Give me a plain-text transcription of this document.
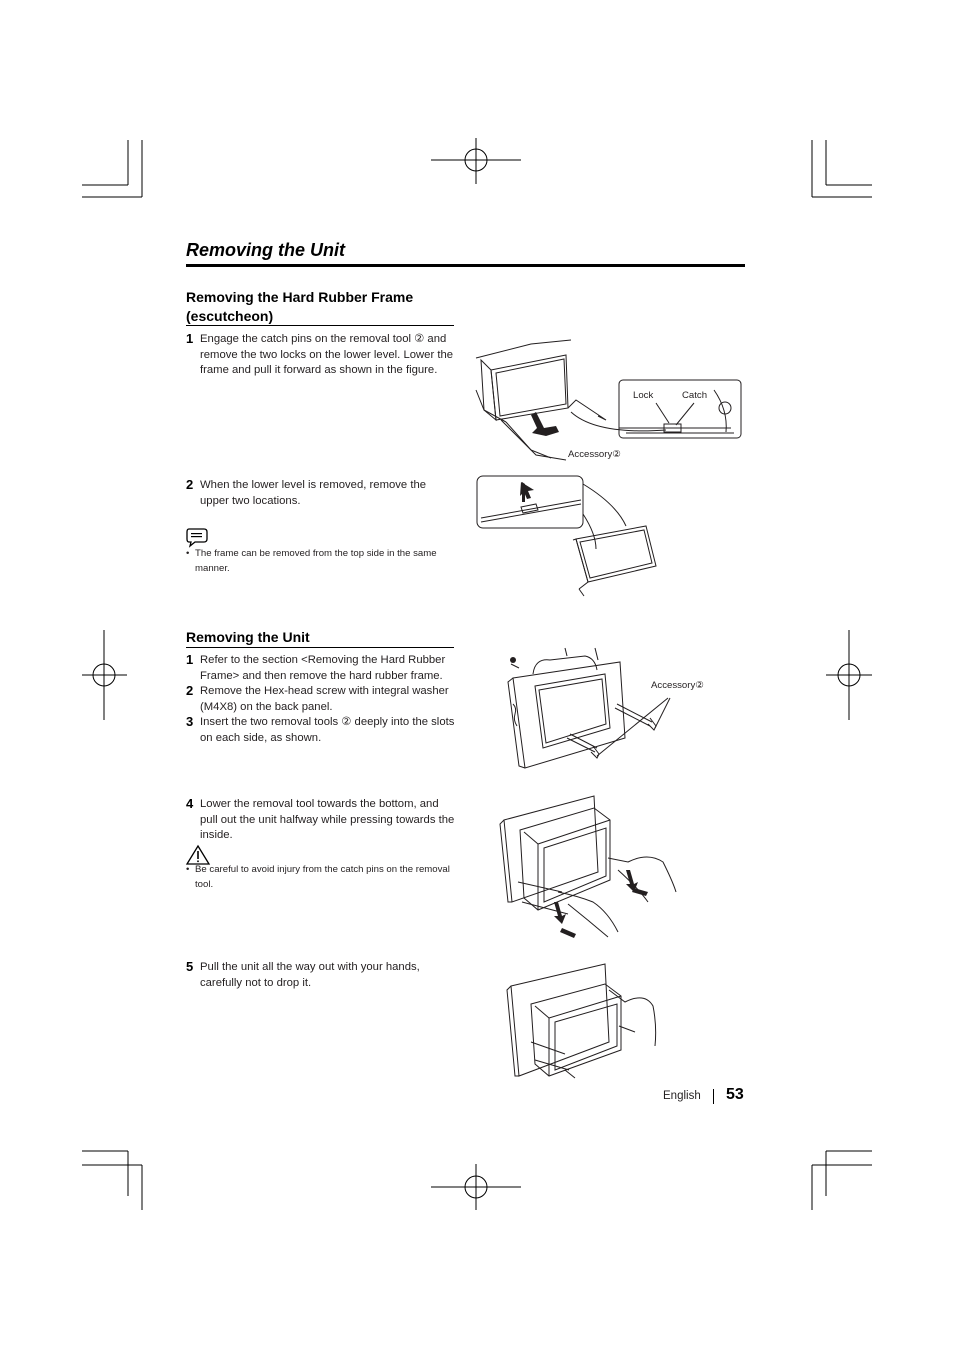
Removing the Unit
Removing the Hard Rubber Frame
(escutcheon)
1 Engage the catch pins on the removal tool ② and remove the two locks on the lower level. Lower the frame and pull it forward as shown in the figure.
2 When the lower level is removed, remove the upper two locations.
• The frame can be removed from the top side in the same manner.
Lock	Catch
Accessory②
Removing the Unit
1 Refer to the section <Removing the Hard Rubber Frame> and then remove the hard rubber frame.
2 Remove the Hex-head screw with integral washer (M4X8) on the back panel.
3 Insert the two removal tools ② deeply into the slots on each side, as shown.
4 Lower the removal tool towards the bottom, and pull out the unit halfway while pressing towards the inside.
• Be careful to avoid injury from the catch pins on the removal tool.
5 Pull the unit all the way out with your hands, carefully not to drop it.
Accessory②
English 53
